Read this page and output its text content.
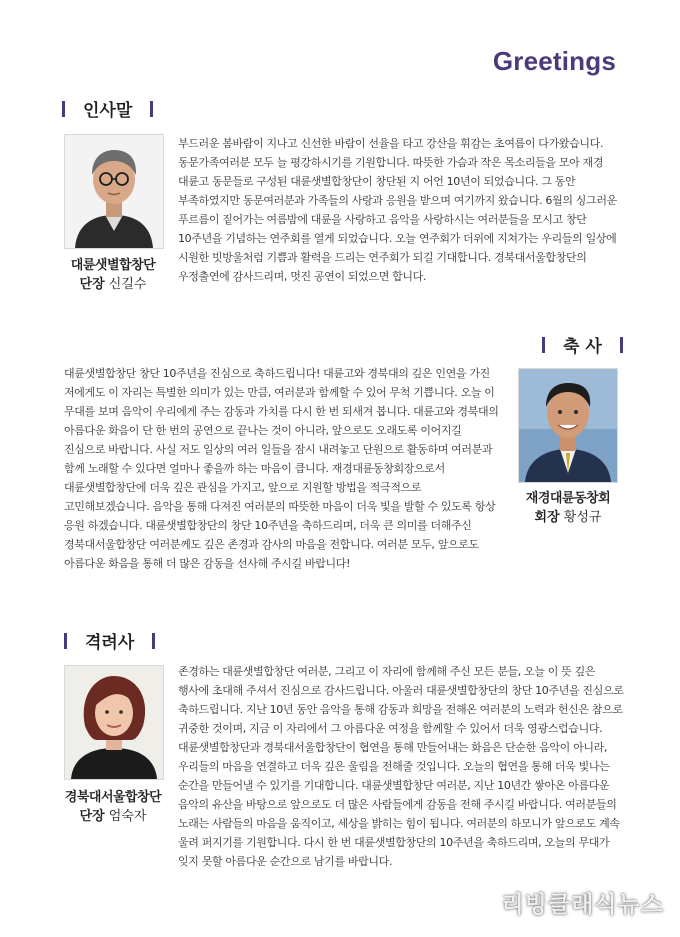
Greetings
인사말
대륜샛별합창단
단장 신길수

부드러운 봄바람이 지나고 신선한 바람이 선율을 타고 강산을 휘감는 초여름이 다가왔습니다. 동문가족여러분 모두 늘 평강하시기를 기원합니다. 따뜻한 가슴과 작은 목소리들을 모아 재경 대륜고 동문들로 구성된 대륜샛별합창단이 창단된 지 어언 10년이 되었습니다. 그 동안 부족하였지만 동문여러분과 가족들의 사랑과 응원을 받으며 여기까지 왔습니다. 6월의 싱그러운 푸르름이 짙어가는 여름밤에 대륜을 사랑하고 음악을 사랑하시는 여러분들을 모시고 창단 10주년을 기념하는 연주회를 열게 되었습니다. 오늘 연주회가 더위에 지쳐가는 우리들의 일상에 시원한 빗방울처럼 기쁨과 활력을 드리는 연주회가 되길 기대합니다. 경북대서울합창단의 우정출연에 감사드리며, 멋진 공연이 되었으면 합니다.

축 사
재경대륜동창회
회장 황성규

대륜샛별합창단 창단 10주년을 진심으로 축하드립니다! 대륜고와 경북대의 깊은 인연을 가진 저에게도 이 자리는 특별한 의미가 있는 만큼, 여러분과 함께할 수 있어 무척 기쁩니다. 오늘 이 무대를 보며 음악이 우리에게 주는 감동과 가치를 다시 한 번 되새겨 봅니다. 대륜고와 경북대의 아름다운 화음이 단 한 번의 공연으로 끝나는 것이 아니라, 앞으로도 오래도록 이어지길 진심으로 바랍니다. 사실 저도 일상의 여러 일들을 잠시 내려놓고 단원으로 활동하며 여러분과 함께 노래할 수 있다면 얼마나 좋을까 하는 마음이 큽니다. 재경대륜동창회장으로서 대륜샛별합창단에 더욱 깊은 관심을 가지고, 앞으로 지원할 방법을 적극적으로 고민해보겠습니다. 음악을 통해 다져진 여러분의 따뜻한 마음이 더욱 빛을 발할 수 있도록 항상 응원 하겠습니다. 대륜샛별합창단의 창단 10주년을 축하드리며, 더욱 큰 의미를 더해주신 경북대서울합창단 여러분께도 깊은 존경과 감사의 마음을 전합니다. 여러분 모두, 앞으로도 아름다운 화음을 통해 더 많은 감동을 선사해 주시길 바랍니다!

격려사
경북대서울합창단
단장 엄숙자

존경하는 대륜샛별합창단 여러분, 그리고 이 자리에 함께해 주신 모든 분들, 오늘 이 뜻 깊은 행사에 초대해 주셔서 진심으로 감사드립니다. 아울러 대륜샛별합창단의 창단 10주년을 진심으로 축하드립니다. 지난 10년 동안 음악을 통해 감동과 희망을 전해온 여러분의 노력과 헌신은 참으로 귀중한 것이며, 지금 이 자리에서 그 아름다운 여정을 함께할 수 있어서 더욱 영광스럽습니다. 대륜샛별합창단과 경북대서울합창단이 협연을 통해 만들어내는 화음은 단순한 음악이 아니라, 우리들의 마음을 연결하고 더욱 깊은 울림을 전해줄 것입니다. 오늘의 협연을 통해 더욱 빛나는 순간을 만들어낼 수 있기를 기대합니다. 대륜샛별합창단 여러분, 지난 10년간 쌓아온 아름다운 음악의 유산을 바탕으로 앞으로도 더 많은 사람들에게 감동을 전해 주시길 바랍니다. 여러분들의 노래는 사람들의 마음을 움직이고, 세상을 밝히는 힘이 됩니다. 여러분의 하모니가 앞으로도 계속 울려 퍼지기를 기원합니다. 다시 한 번 대륜샛별합창단의 10주년을 축하드리며, 오늘의 무대가 잊지 못할 아름다운 순간으로 남기를 바랍니다.

리빙클래식뉴스
